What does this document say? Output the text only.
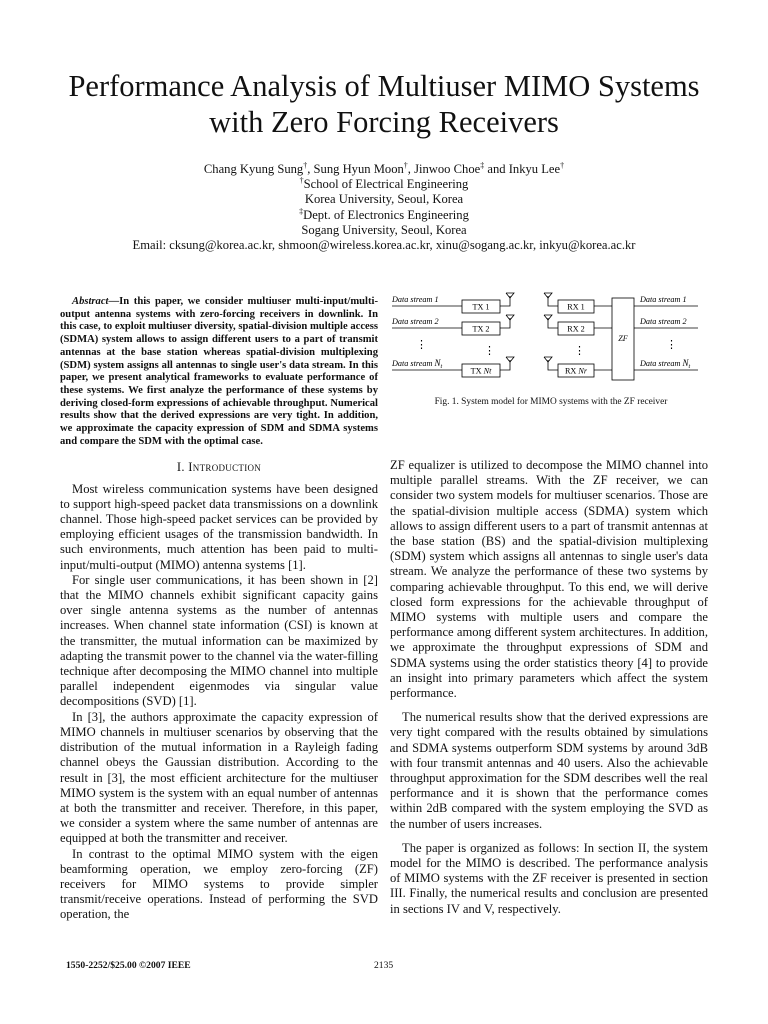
Performance Analysis of Multiuser MIMO Systems
with Zero Forcing Receivers
Chang Kyung Sung†, Sung Hyun Moon†, Jinwoo Choe‡ and Inkyu Lee†
†School of Electrical Engineering
Korea University, Seoul, Korea
‡Dept. of Electronics Engineering
Sogang University, Seoul, Korea
Email: cksung@korea.ac.kr, shmoon@wireless.korea.ac.kr, xinu@sogang.ac.kr, inkyu@korea.ac.kr

Abstract—In this paper, we consider multiuser multi-input/multi-output antenna systems with zero-forcing receivers in downlink. In this case, to exploit multiuser diversity, spatial-division multiple access (SDMA) system allows to assign different users to a part of transmit antennas at the base station whereas spatial-division multiplexing (SDM) system assigns all antennas to single user's data stream. In this paper, we present analytical frameworks to evaluate performance of these systems. We first analyze the performance of these systems by deriving closed-form expressions of achievable throughput. Numerical results show that the derived expressions are very tight. In addition, we approximate the capacity expression of SDM and SDMA systems and compare the SDM with the optimal case.

I. Introduction

Most wireless communication systems have been designed to support high-speed packet data transmissions on a downlink channel. Those high-speed packet services can be provided by employing efficient usages of the transmission bandwidth. In such environments, much attention has been paid to multi-input/multi-output (MIMO) antenna systems [1].

For single user communications, it has been shown in [2] that the MIMO channels exhibit significant capacity gains over single antenna systems as the number of antennas increases. When channel state information (CSI) is known at the transmitter, the mutual information can be maximized by adapting the transmit power to the channel via the water-filling technique after decomposing the MIMO channel into multiple parallel independent eigenmodes via singular value decompositions (SVD) [1].

In [3], the authors approximate the capacity expression of MIMO channels in multiuser scenarios by observing that the distribution of the mutual information in a Rayleigh fading channel obeys the Gaussian distribution. According to the result in [3], the most efficient architecture for the multiuser MIMO system is the system with an equal number of antennas at both the transmitter and receiver. Therefore, in this paper, we consider a system where the same number of antennas are equipped at both the transmitter and receiver.

In contrast to the optimal MIMO system with the eigen beamforming operation, we employ zero-forcing (ZF) receivers for MIMO systems to provide simpler transmit/receive operations. Instead of performing the SVD operation, the

Data stream 1
Data stream 2
Data stream $N_t$
⋮
TX 1
TX 2
TX Nt
⋮
RX 1
RX 2
RX Nr
⋮
ZF
Data stream 1
Data stream 2
Data stream $N_t$
⋮
Fig. 1. System model for MIMO systems with the ZF receiver

ZF equalizer is utilized to decompose the MIMO channel into multiple parallel streams. With the ZF receiver, we can consider two system models for multiuser scenarios. Those are the spatial-division multiple access (SDMA) system which allows to assign different users to a part of transmit antennas at the base station (BS) and the spatial-division multiplexing (SDM) system which assigns all antennas to single user's data stream. We analyze the performance of these two systems by comparing achievable throughput. To this end, we will derive closed form expressions for the achievable throughput of MIMO systems with multiple users and compare the performance among different system architectures. In addition, we approximate the throughput expressions of SDM and SDMA systems using the order statistics theory [4] to provide an insight into primary parameters which affect the system performance.

The numerical results show that the derived expressions are very tight compared with the results obtained by simulations and SDMA systems outperform SDM systems by around 3dB with four transmit antennas and 40 users. Also the achievable throughput approximation for the SDM describes well the real performance and it is shown that the performance comes within 2dB compared with the system employing the SVD as the number of users increases.

The paper is organized as follows: In section II, the system model for the MIMO is described. The performance analysis of MIMO systems with the ZF receiver is presented in section III. Finally, the numerical results and conclusion are presented in sections IV and V, respectively.

1550-2252/$25.00 ©2007 IEEE	2135
